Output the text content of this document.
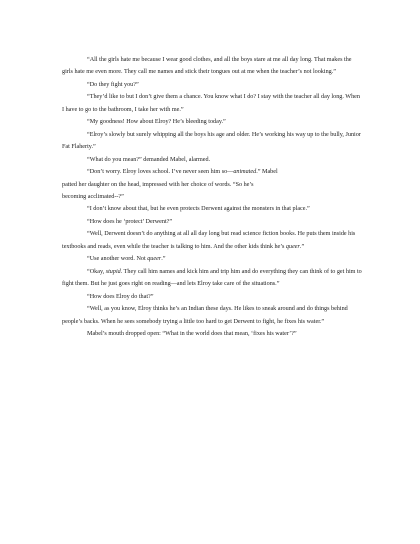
“All the girls hate me because I wear good clothes, and all the boys stare at me all day long. That makes the girls hate me even more. They call me names and stick their tongues out at me when the teacher’s not looking.”

“Do they fight you?”

“They’d like to but I don’t give them a chance. You know what I do? I stay with the teacher all day long. When I have to go to the bathroom, I take her with me.”

“My goodness! How about Elroy? He’s bleeding today.”

“Elroy’s slowly but surely whipping all the boys his age and older. He’s working his way up to the bully, Junior Fat Flaherty.”

“What do you mean?” demanded Mabel, alarmed.

“Don’t worry. Elroy loves school. I’ve never seen him so—animated.” Mabel

patted her daughter on the head, impressed with her choice of words. “So he’s

becoming acclimated--?”

“I don’t know about that, but he even protects Derwent against the monsters in that place.”

“How does he ‘protect’ Derwent?”

“Well, Derwent doesn’t do anything at all all day long but read science fiction books. He puts them inside his textbooks and reads, even while the teacher is talking to him. And the other kids think he’s queer.”

“Use another word. Not queer.”

“Okay, stupid. They call him names and kick him and trip him and do everything they can think of to get him to fight them. But he just goes right on reading—and lets Elroy take care of the situations.”

“How does Elroy do that?”

“Well, as you know, Elroy thinks he’s an Indian these days. He likes to sneak around and do things behind people’s backs. When he sees somebody trying a little too hard to get Derwent to fight, he fixes his water.”

Mabel’s mouth dropped open: “What in the world does that mean, ‘fixes his water’?”
